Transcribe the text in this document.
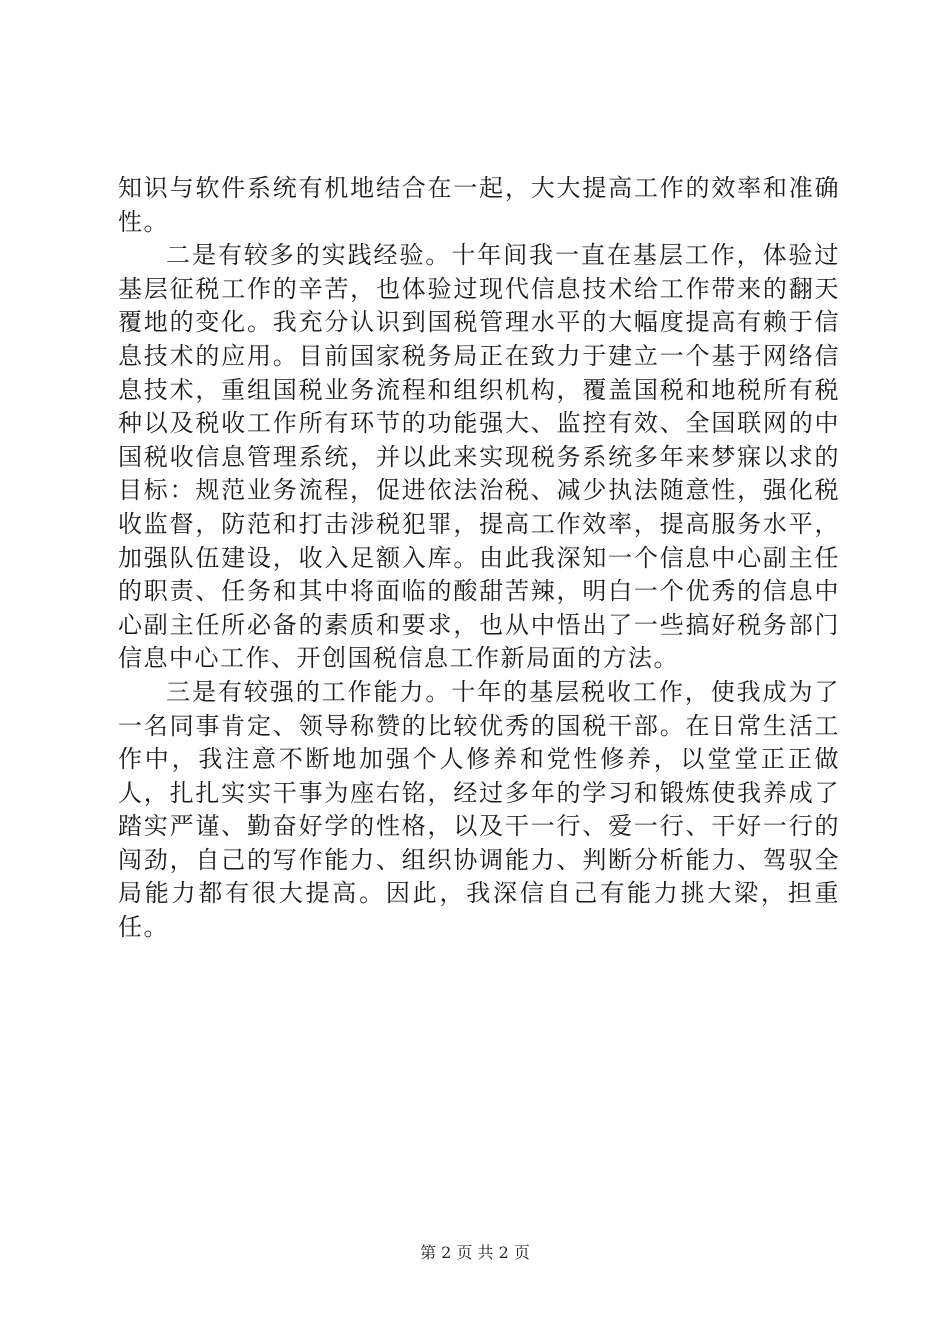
知识与软件系统有机地结合在一起，大大提高工作的效率和准确性。

二是有较多的实践经验。十年间我一直在基层工作，体验过基层征税工作的辛苦，也体验过现代信息技术给工作带来的翻天覆地的变化。我充分认识到国税管理水平的大幅度提高有赖于信息技术的应用。目前国家税务局正在致力于建立一个基于网络信息技术，重组国税业务流程和组织机构，覆盖国税和地税所有税种以及税收工作所有环节的功能强大、监控有效、全国联网的中国税收信息管理系统，并以此来实现税务系统多年来梦寐以求的目标：规范业务流程，促进依法治税、减少执法随意性，强化税收监督，防范和打击涉税犯罪，提高工作效率，提高服务水平，加强队伍建设，收入足额入库。由此我深知一个信息中心副主任的职责、任务和其中将面临的酸甜苦辣，明白一个优秀的信息中心副主任所必备的素质和要求，也从中悟出了一些搞好税务部门信息中心工作、开创国税信息工作新局面的方法。

三是有较强的工作能力。十年的基层税收工作，使我成为了一名同事肯定、领导称赞的比较优秀的国税干部。在日常生活工作中，我注意不断地加强个人修养和党性修养，以堂堂正正做人，扎扎实实干事为座右铭，经过多年的学习和锻炼使我养成了踏实严谨、勤奋好学的性格，以及干一行、爱一行、干好一行的闯劲，自己的写作能力、组织协调能力、判断分析能力、驾驭全局能力都有很大提高。因此，我深信自己有能力挑大梁，担重任。

第 2 页 共 2 页
